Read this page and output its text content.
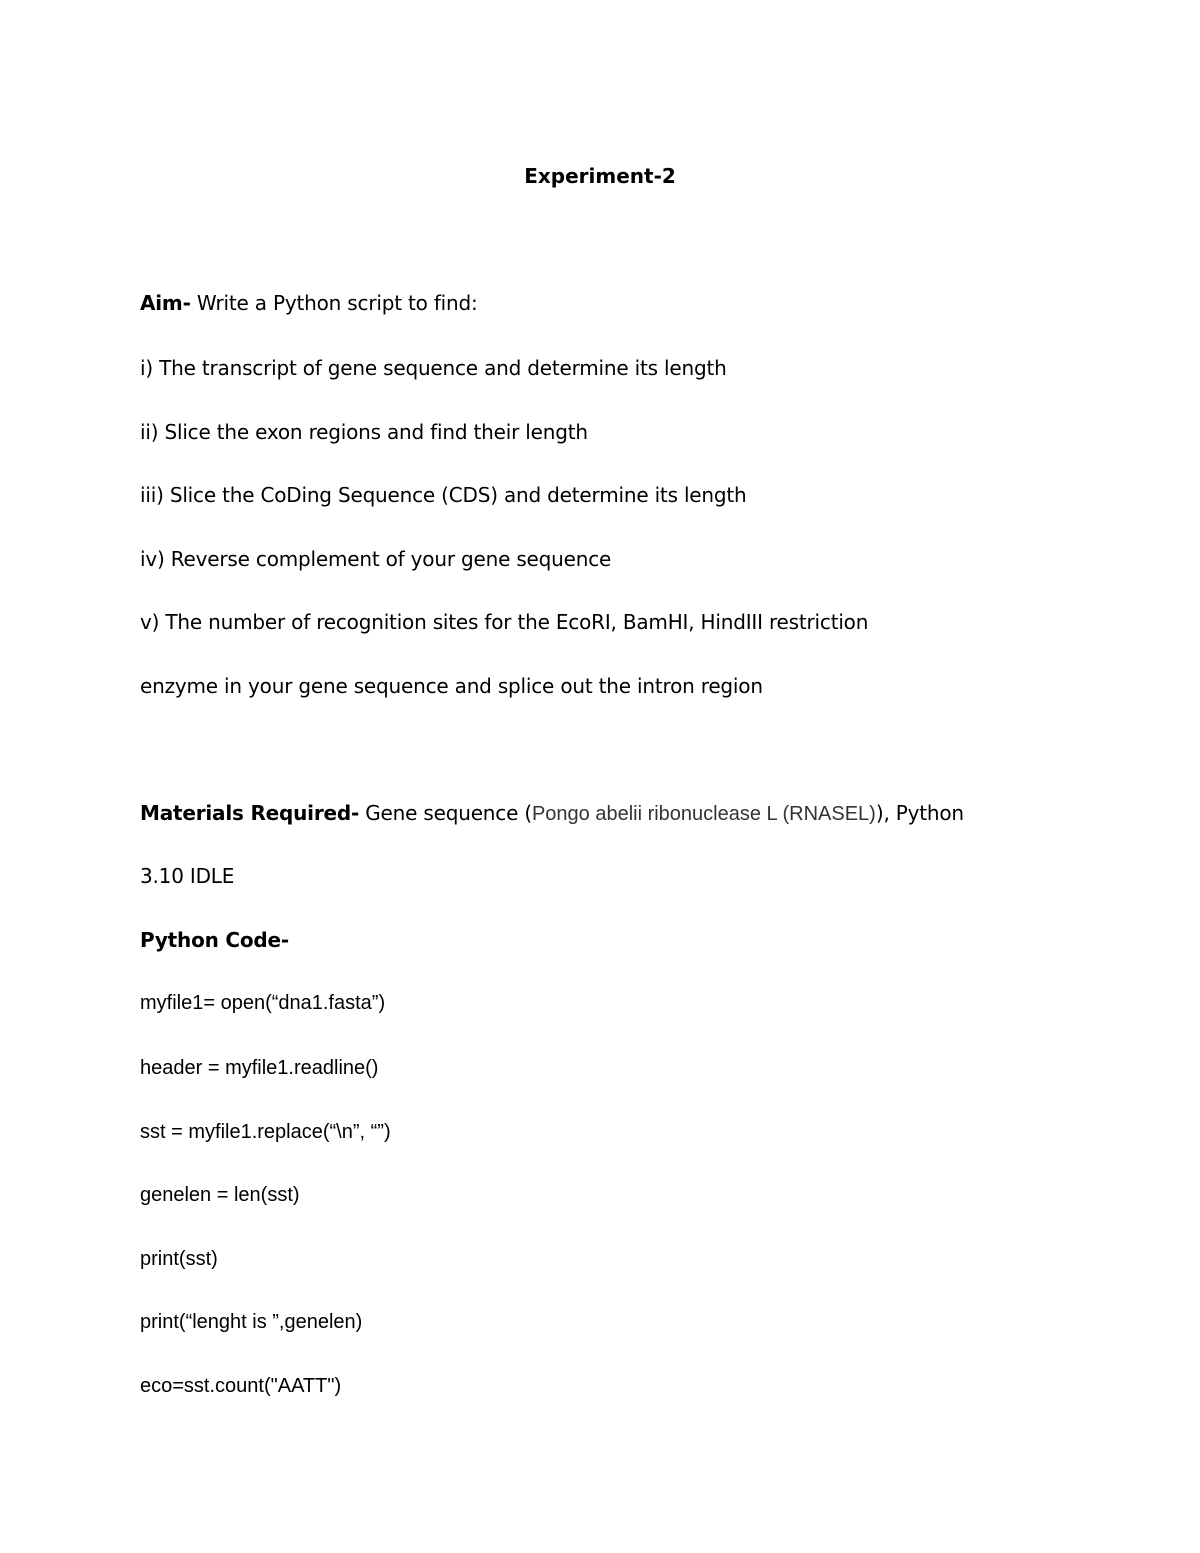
Experiment-2
Aim- Write a Python script to find:
i) The transcript of gene sequence and determine its length
ii) Slice the exon regions and find their length
iii) Slice the CoDing Sequence (CDS) and determine its length
iv) Reverse complement of your gene sequence
v) The number of recognition sites for the EcoRI, BamHI, HindIII restriction
enzyme in your gene sequence and splice out the intron region
Materials Required- Gene sequence (Pongo abelii ribonuclease L (RNASEL)), Python
3.10 IDLE
Python Code-
myfile1= open(“dna1.fasta”)
header = myfile1.readline()
sst = myfile1.replace(“\n”, “”)
genelen = len(sst)
print(sst)
print(“lenght is ”,genelen)
eco=sst.count("AATT")
